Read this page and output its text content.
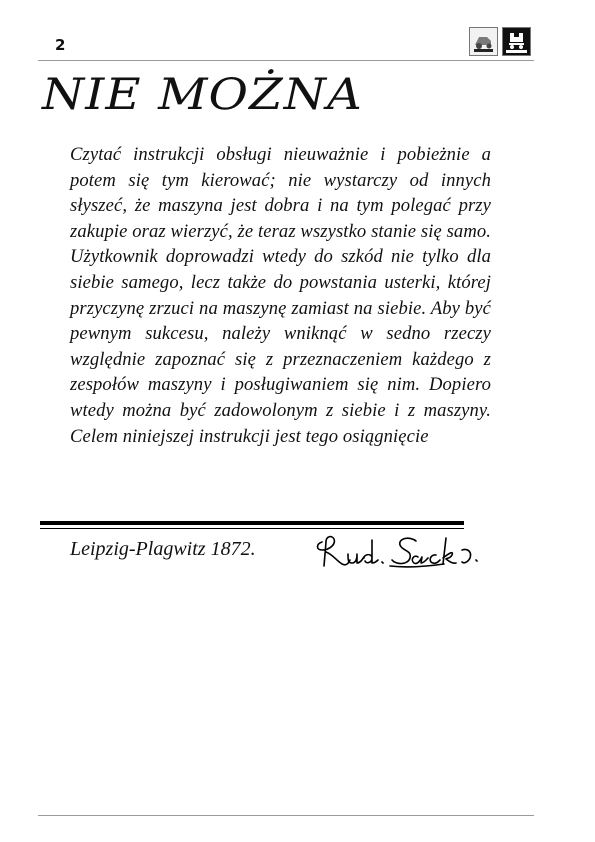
2
NIE MOŻNA

Czytać instrukcji obsługi nieuważnie i pobieżnie a potem się tym kierować; nie wystarczy od innych słyszeć, że maszyna jest dobra i na tym polegać przy zakupie oraz wierzyć, że teraz wszystko stanie się samo. Użytkownik doprowadzi wtedy do szkód nie tylko dla siebie samego, lecz także do powstania usterki, której przyczynę zrzuci na maszynę zamiast na siebie. Aby być pewnym sukcesu, należy wniknąć w sedno rzeczy względnie zapoznać się z przeznaczeniem każdego z zespołów maszyny i posługiwaniem się nim. Dopiero wtedy można być zadowolonym z siebie i z maszyny. Celem niniejszej instrukcji jest tego osiągnięcie

Leipzig-Plagwitz 1872.
